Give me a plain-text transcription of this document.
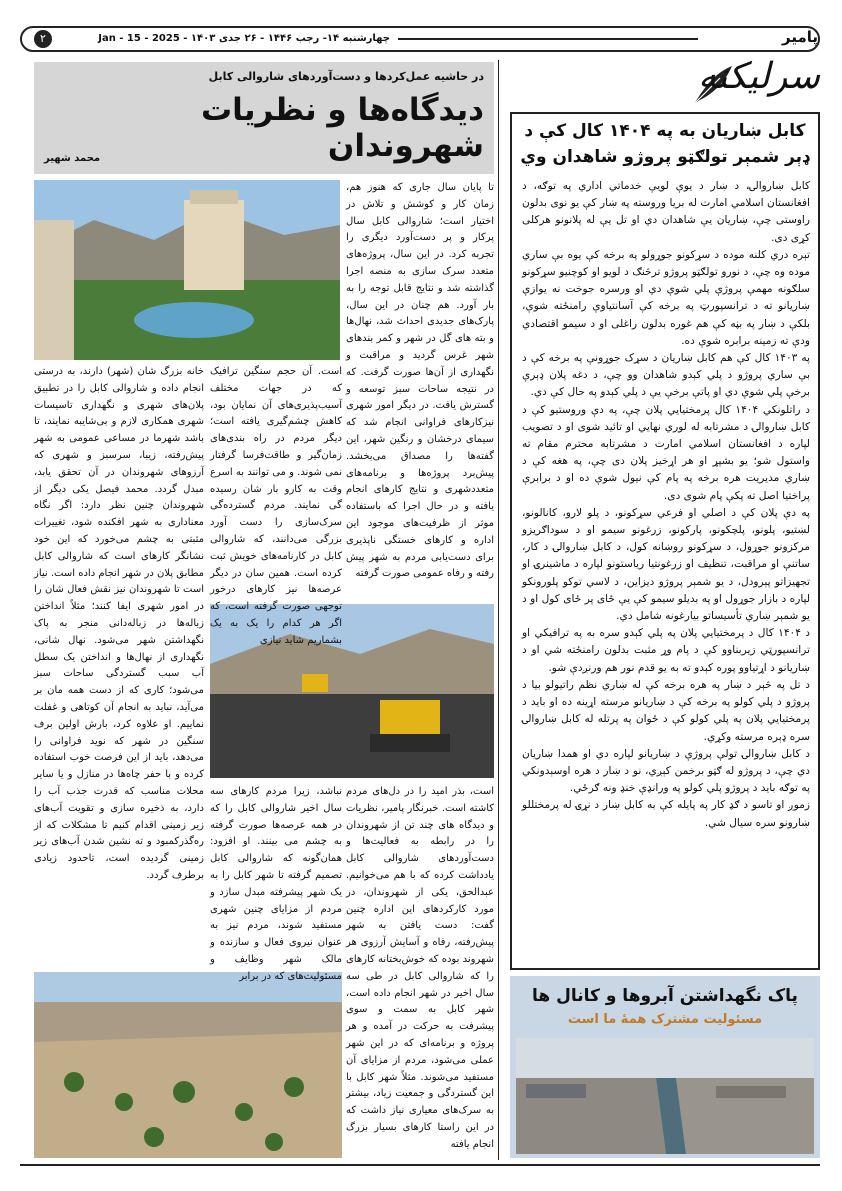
۲	چهارشنبه ۱۴- رجب ۱۴۴۶ - ۲۶ جدی ۱۴۰۳ - Jan - 15 - 2025	پامیر
سرلیکنه
کابل ښاریان به په ۱۴۰۴ کال کې د ډېر شمېر تولګټو پروژو شاهدان وي

کابل ښاروالۍ، د ښار د یوې لویې خدماتي اداري په توګه، د افغانستان اسلامي امارت له بریا وروسته په ښار کې یو نوی بدلون راوستی چې، ښاریان یې شاهدان دي او تل یې له پلانونو هرکلی کړی دی.

تېره دري کلنه موده د سړکونو جوړولو په برخه کې یوه بې ساري موده وه چې، د نورو تولګټو پروژو ترڅنګ د لویو او کوچنیو سړکونو سلګونه مهمې پروژې پلي شوې دي او ورسره جوخت نه یوازې ښاریانو ته د ترانسپورټ په برخه کې آسانتیاوې رامنځته شوې، بلکې د ښار په بڼه کې هم غوره بدلون راغلی او د سیمو اقتصادي ودې ته زمینه برابره شوې ده.

په ۱۴۰۳ کال کې هم کابل ښاریان د سړک جوړونې په برخه کې د بې ساري پروژو د پلي کېدو شاهدان وو چې، د دغه پلان ډېرې برخې پلي شوې دي او پاتې برخې یې د پلي کېدو په حال کې دي.

د راتلونکي ۱۴۰۴ کال پرمختیايي پلان چې، په دې وروستیو کې د کابل ښاروالۍ د مشرتابه له لوري نهايي او تائید شوی او د تصویب لپاره د افغانستان اسلامي امارت د مشرتابه محترم مقام ته واستول شو؛ یو بشپړ او هر اړخیز پلان دی چې، په هغه کې د ښاري مدیریت هره برخه په پام کې نیول شوې ده او د برابرې پراختیا اصل ته پکې پام شوی دی.

په دې پلان کې د اصلي او فرعي سړکونو، د پلو لارو، کانالونو، لښتیو، پلونو، پلچکونو، پارکونو، زرغونو سیمو او د سوداګریزو مرکزونو جوړول، د سړکونو روښانه کول، د کابل ښاروالۍ د کار، ساتنې او مراقبت، تنظیف او زرغونتیا ریاستونو لپاره د ماشینرۍ او تجهیزاتو پېرودل، د یو شمېر پروژو دیزاین، د لاسي توکو پلورونکو لپاره د بازار جوړول او په بدیلو سیمو کې یې ځای پر ځای کول او د یو شمېر ښاري تأسیساتو بیارغونه شامل دي.

د ۱۴۰۴ کال د پرمختیايي پلان په پلي کېدو سره به په ترافیکي او ترانسپورټي زیربناوو کې د پام وړ مثبت بدلون رامنځته شي او د ښاریانو د اړتیاوو پوره کېدو ته به یو قدم نور هم ورنږدې شو.

د تل په څېر د ښار په هره برخه کې له ښاري نظم راتیولو بیا د پروژو د پلي کولو په برخه کې د ښاریانو مرسته اړینه ده او باید د پرمختیايي پلان په پلي کولو کې د ځوان په پرتله له کابل ښاروالۍ سره ډېره مرسته وکړي.

د کابل ښاروالۍ تولې پروژې د ښاریانو لپاره دي او همدا ښاریان دي چې، د پروژو له ګټو برخمن کېږي، نو د ښار د هره اوسېدونکي په توګه باید د پروژو پلي کولو په ورانډې خنډ ونه ګرځي.

زموږ او تاسو د ګډ کار په پایله کې به کابل ښار د نړۍ له پرمختللو ښارونو سره سیال شي.

پاک نگهداشتن آبروها و کانال ها
مسئولیت مشترک همهٔ ما است
در حاشیه عمل‌کردها و دست‌آوردهای شاروالی کابل
دیدگاه‌ها و نظریات شهروندان
محمد شهیر

تا پایان سال جاری که هنوز هم، زمان کار و کوشش و تلاش در اختیار است؛ شاروالی کابل سال پرکار و پر دست‌آورد دیگری را تجربه کرد. در این سال، پروژه‌های متعدد سرک سازی به منصه اجرا گذاشته شد و نتایج قابل توجه را به بار آورد. هم چنان در این سال، پارک‌های جدیدی احداث شد، نهال‌ها و بته های گل در شهر و کمر بندهای شهر غرس گردید و مراقبت و نگهداری از آن‌ها صورت گرفت. که در نتیجه ساحات سبز توسعه و گسترش یافت. در دیگر امور شهری نیزکارهای فراوانی انجام شد که سیمای درخشان و رنگین شهر، این گفته‌ها را مصداق می‌بخشد. پیش‌برد پروژه‌ها و برنامه‌های متعددشهری و نتایج کارهای انجام یافته و در حال اجرا که باستفاده موثر از ظرفیت‌های موجود این اداره و کارهای خستگی ناپذیری برای دست‌یابی مردم به شهر پیش رفته و رفاه عمومی صورت گرفته

است. آن حجم سنگین ترافیک که در جهات مختلف آسیب‌پذیری‌های آن نمایان بود، کاهش چشم‌گیری یافته است؛ دیگر مردم در راه بندی‌های زمان‌گیر و طاقت‌فرسا گرفتار نمی شوند. و می توانند به اسرع وقت به کارو بار شان رسیده گی نمایند. مردم گسترده‌گی سرک‌سازی را دست آورد بزرگی می‌دانند، که شاروالی کابل در کارنامه‌های خویش ثبت کرده است. همین سان در دیگر عرصه‌ها نیز کارهای درخور توجهی صورت گرفته است، که اگر هر کدام را یک به یک بشماریم شاید نیازی

خانه بزرگ شان (شهر) دارند، به درستی انجام داده و شاروالی کابل را در تطبیق پلان‌های شهری و نگهداری تاسیسات شهری همکاری لازم و بی‌شایبه نمایند، تا باشد شهرما در مساعی عمومی به شهر پیش‌رفته، زیبا، سرسبز و شهری که آرزوهای شهروندان در آن تحقق یابد، مبدل گردد. محمد فیصل یکی دیگر از شهروندان چنین نظر دارد: اگر نگاه معنا‌داری به شهر افکنده شود، تغییرات مثبتی به چشم می‌خورد که این خود نشانگر کارهای است که شاروالی کابل مطابق پلان در شهر انجام داده است. نیاز است تا شهروندان نیز نقش فعال شان را در امور شهری ایفا کنند؛ مثلاً انداختن زباله‌ها در زباله‌دانی منجر به پاک نگهداشتن شهر می‌شود. نهال شانی، نگهداری از نهال‌ها و انداختن یک سطل آب سبب گستردگی ساحات سبز می‌شود؛ کاری که از دست همه مان بر می‌آید، نباید به انجام آن کوتاهی و غفلت نماییم. او علاوه کرد، بارش اولین برف سنگین در شهر که نوید فراوانی را می‌دهد، باید از این فرصت خوب استفاده کرده و با حفر چاه‌ها در منازل و یا سایر محلات مناسب که قدرت جذب آب را دارد، به ذخیره سازی و تقویت آب‌های زیر زمینی اقدام کنیم تا مشکلات که از ره‌گذرکمبود و ته نشین شدن آب‌های زیر زمینی گردیده است، تاحدود زیادی برطرف گردد.

است، بذر امید را در دل‌های مردم کاشته است. خبرنگار پامیر، نظریات و دیدگاه های چند تن از شهروندان را در رابطه به فعالیت‌ها و دست‌آوردهای شاروالی کابل یادداشت کرده که با هم می‌خوانیم. عبدالحق، یکی از شهروندان، در مورد کارکردهای این اداره چنین گفت: دست یافتن به شهر پیش‌رفته، رفاه و آسایش آرزوی هر شهروند بوده که خوش‌بختانه کارهای را که شاروالی کابل در طی سه سال اخیر در شهر انجام داده است، شهر کابل به سمت و سوی پیشرفت به حرکت در آمده و هر پروژه و برنامه‌ای که در این شهر عملی می‌شود، مردم از مزایای آن مستفید می‌شوند. مثلاً شهر کابل با این گستردگی و جمعیت زیاد، بیشتر به سرک‌های معیاری نیاز داشت که در این راستا کارهای بسیار بزرگ انجام یافته

نباشد، زیرا مردم کارهای سه سال اخیر شاروالی کابل را که در همه عرصه‌ها صورت گرفته به چشم می بینند. او افزود: همان‌گونه که شاروالی کابل تصمیم گرفته تا شهر کابل را به یک شهر پیشرفته مبدل سازد و مردم از مزایای چنین شهری مستفید شوند، مردم نیز به عنوان نیروی فعال و سازنده و مالک شهر وظایف و مسئولیت‌های که در برابر
